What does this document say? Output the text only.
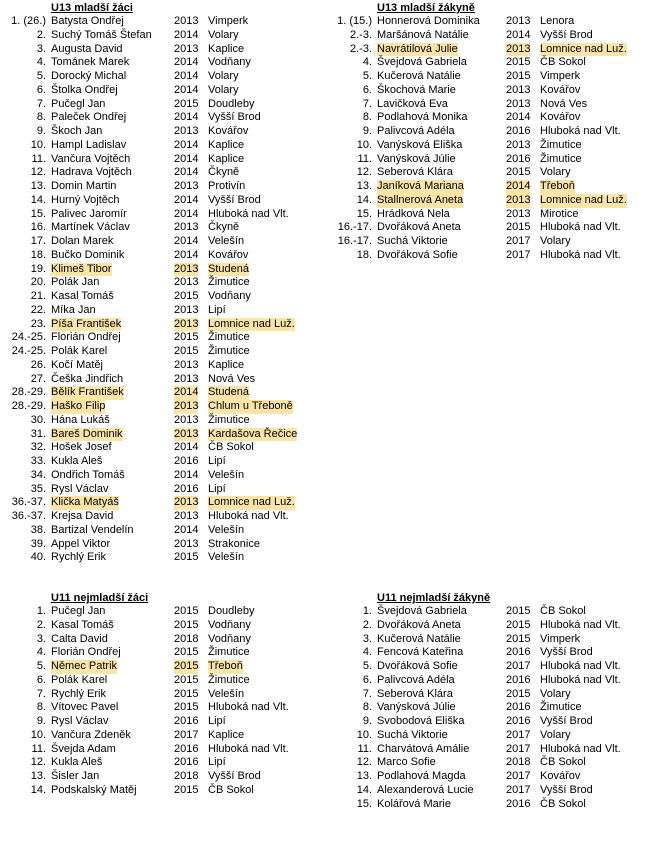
U13 mladší žáci
1. (26.) Batysta Ondřej	2013 Vimperk
2. Suchý Tomáš Štefan 2014 Volary
3. Augusta David	2013 Kaplice
4. Tománek Marek	2014 Vodňany
5. Dorocký Michal	2014 Volary
6. Štolka Ondřej	2014 Volary
7. Pučegl Jan	2015 Doudleby
8. Paleček Ondřej	2014 Vyšší Brod
9. Škoch Jan	2013 Kovářov
10. Hampl Ladislav	2014 Kaplice
11. Vančura Vojtěch	2014 Kaplice
12. Hadrava Vojtěch	2014 Čkyně
13. Domin Martin	2013 Protivín
14. Hurný Vojtěch	2014 Vyšší Brod
15. Palivec Jaromír	2014 Hluboká nad Vlt.
16. Martínek Václav	2013 Čkyně
17. Dolan Marek	2014 Velešín
18. Bučko Dominik	2014 Kovářov
19. Klimeš Tibor	2013 Studená
20. Polák Jan	2013 Žimutice
21. Kasal Tomáš	2015 Vodňany
22. Míka Jan	2013 Lipí
23. Píša František	2013 Lomnice nad Luž.
24.-25. Florián Ondřej	2015 Žimutice
24.-25. Polák Karel	2015 Žimutice
26. Kočí Matěj	2013 Kaplice
27. Češka Jindřich	2013 Nová Ves
28.-29. Bělík František	2014 Studená
28.-29. Haško Filip	2013 Chlum u Třeboně
30. Hána Lukáš	2013 Žimutice
31. Bareš Dominik	2013 Kardašova Řečice
32. Hošek Josef	2014 ČB Sokol
33. Kukla Aleš	2016 Lipí
34. Ondřich Tomáš	2014 Velešín
35. Rysl Václav	2016 Lipí
36.-37. Klička Matyáš	2013 Lomnice nad Luž.
36.-37. Krejsa David	2013 Hluboká nad Vlt.
38. Bartizal Vendelín	2014 Velešín
39. Appel Viktor	2013 Strakonice
40. Rychlý Erik	2015 Velešín
U13 mladší žákyně
1. (15.) Honnerová Dominika 2013 Lenora
2.-3. Maršánová Natálie	2014 Vyšší Brod
2.-3. Navrátilová Julie	2013 Lomnice nad Luž.
4. Švejdová Gabriela	2015 ČB Sokol
5. Kučerová Natálie	2015 Vimperk
6. Škochová Marie	2013 Kovářov
7. Lavičková Eva	2013 Nová Ves
8. Podlahová Monika	2014 Kovářov
9. Palivcová Adéla	2016 Hluboká nad Vlt.
10. Vanýsková Eliška	2013 Žimutice
11. Vanýsková Júlie	2016 Žimutice
12. Seberová Klára	2015 Volary
13. Janíková Mariana	2014 Třeboň
14. Stallnerová Aneta	2013 Lomnice nad Luž.
15. Hrádková Nela	2013 Mirotice
16.-17. Dvořáková Aneta	2015 Hluboká nad Vlt.
16.-17. Suchá Viktorie	2017 Volary
18. Dvořáková Sofie	2017 Hluboká nad Vlt.
U11 nejmladší žáci
1. Pučegl Jan	2015 Doudleby
2. Kasal Tomáš	2015 Vodňany
3. Calta David	2018 Vodňany
4. Florián Ondřej	2015 Žimutice
5. Němec Patrik	2015 Třeboň
6. Polák Karel	2015 Žimutice
7. Rychlý Erik	2015 Velešín
8. Vítovec Pavel	2015 Hluboká nad Vlt.
9. Rysl Václav	2016 Lipí
10. Vančura Zdeněk	2017 Kaplice
11. Švejda Adam	2016 Hluboká nad Vlt.
12. Kukla Aleš	2016 Lipí
13. Šisler Jan	2018 Vyšší Brod
14. Podskalský Matěj	2015 ČB Sokol
U11 nejmladší žákyně
1. Švejdová Gabriela	2015 ČB Sokol
2. Dvořáková Aneta	2015 Hluboká nad Vlt.
3. Kučerová Natálie	2015 Vimperk
4. Fencová Kateřina	2016 Vyšší Brod
5. Dvořáková Sofie	2017 Hluboká nad Vlt.
6. Palivcová Adéla	2016 Hluboká nad Vlt.
7. Seberová Klára	2015 Volary
8. Vanýsková Júlie	2016 Žimutice
9. Svobodová Eliška	2016 Vyšší Brod
10. Suchá Viktorie	2017 Volary
11. Charvátová Amálie	2017 Hluboká nad Vlt.
12. Marco Sofie	2018 ČB Sokol
13. Podlahová Magda	2017 Kovářov
14. Alexanderová Lucie	2017 Vyšší Brod
15. Kolářová Marie	2016 ČB Sokol
